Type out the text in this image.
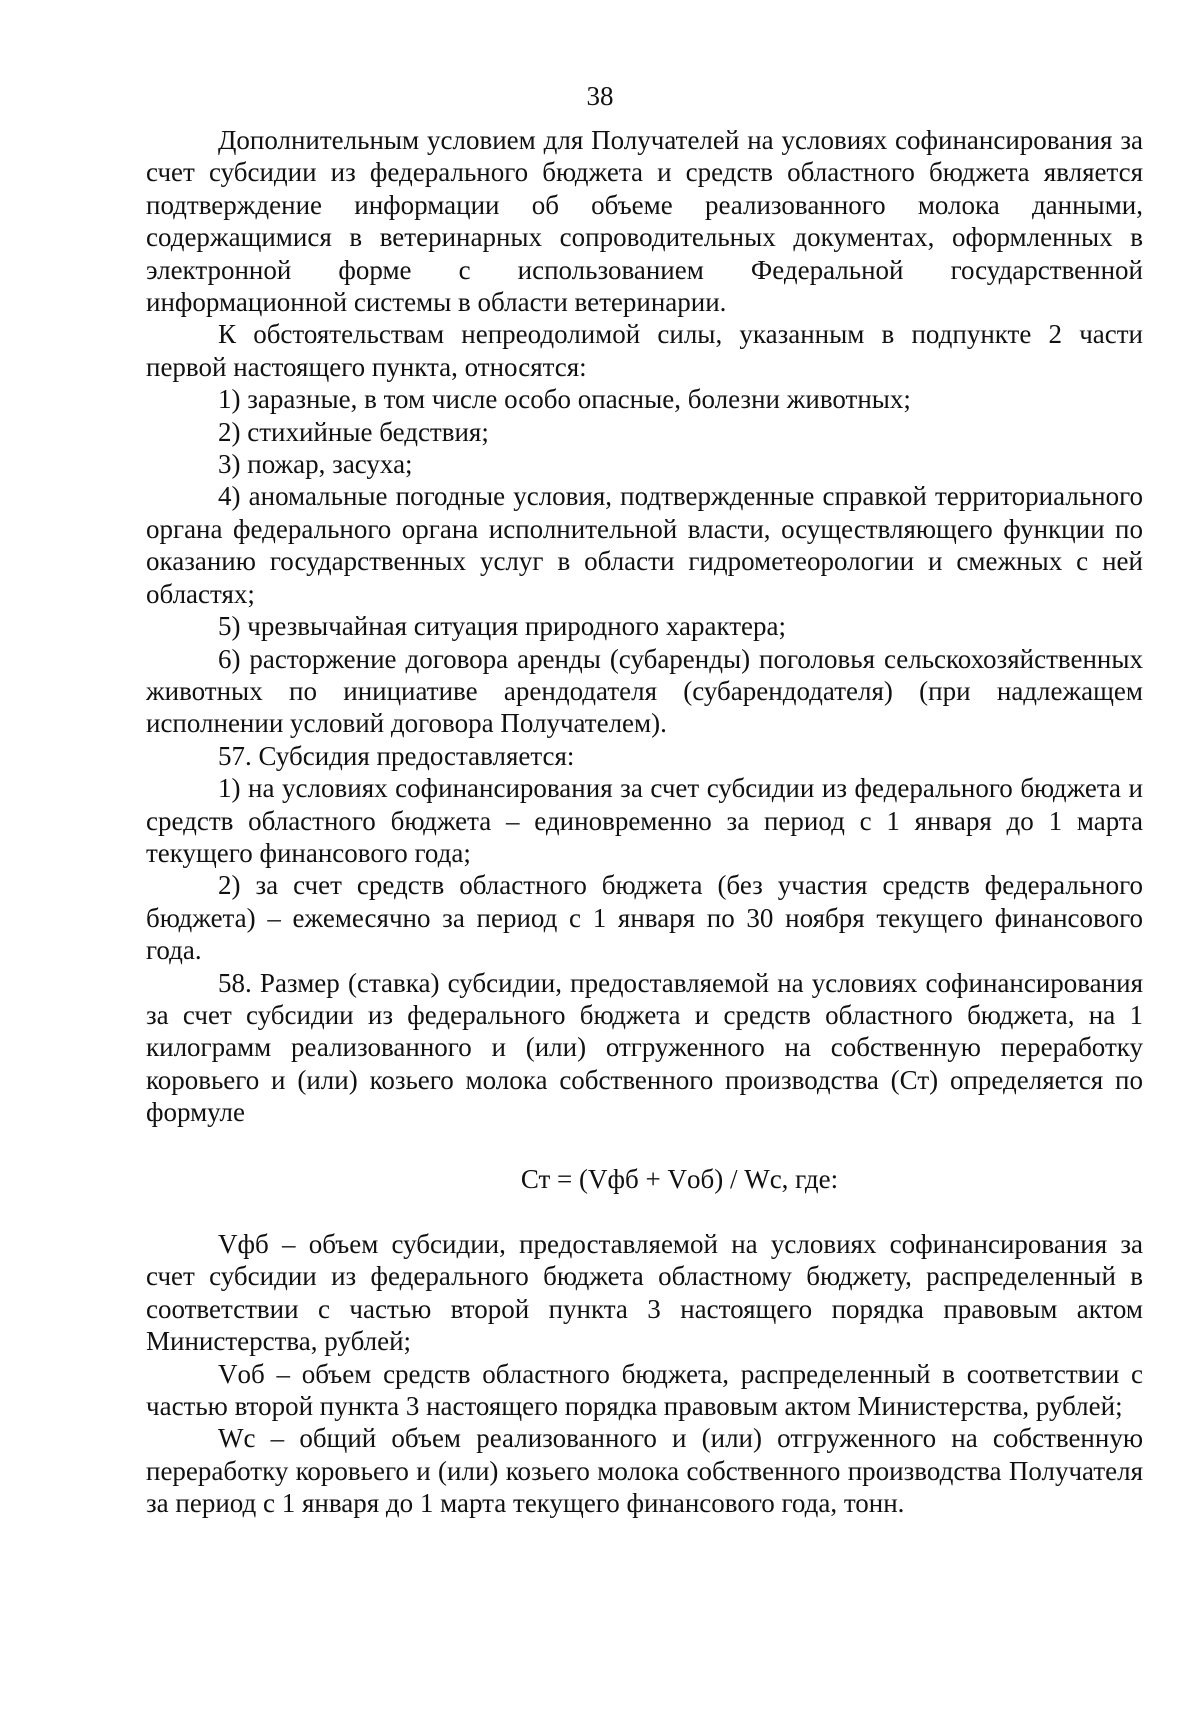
38

Дополнительным условием для Получателей на условиях софинансирования за счет субсидии из федерального бюджета и средств областного бюджета является подтверждение информации об объеме реализованного молока данными, содержащимися в ветеринарных сопроводительных документах, оформленных в электронной форме с использованием Федеральной государственной информационной системы в области ветеринарии.

К обстоятельствам непреодолимой силы, указанным в подпункте 2 части первой настоящего пункта, относятся:

1) заразные, в том числе особо опасные, болезни животных;

2) стихийные бедствия;

3) пожар, засуха;

4) аномальные погодные условия, подтвержденные справкой территориального органа федерального органа исполнительной власти, осуществляющего функции по оказанию государственных услуг в области гидрометеорологии и смежных с ней областях;

5) чрезвычайная ситуация природного характера;

6) расторжение договора аренды (субаренды) поголовья сельскохозяйственных животных по инициативе арендодателя (субарендодателя) (при надлежащем исполнении условий договора Получателем).

57. Субсидия предоставляется:

1) на условиях софинансирования за счет субсидии из федерального бюджета и средств областного бюджета – единовременно за период с 1 января до 1 марта текущего финансового года;

2) за счет средств областного бюджета (без участия средств федерального бюджета) – ежемесячно за период с 1 января по 30 ноября текущего финансового года.

58. Размер (ставка) субсидии, предоставляемой на условиях софинансирования за счет субсидии из федерального бюджета и средств областного бюджета, на 1 килограмм реализованного и (или) отгруженного на собственную переработку коровьего и (или) козьего молока собственного производства (Ст) определяется по формуле

Ст = (Vфб + Vоб) / Wс, где:

Vфб – объем субсидии, предоставляемой на условиях софинансирования за счет субсидии из федерального бюджета областному бюджету, распределенный в соответствии с частью второй пункта 3 настоящего порядка правовым актом Министерства, рублей;

Vоб – объем средств областного бюджета, распределенный в соответствии с частью второй пункта 3 настоящего порядка правовым актом Министерства, рублей;

Wс – общий объем реализованного и (или) отгруженного на собственную переработку коровьего и (или) козьего молока собственного производства Получателя за период с 1 января до 1 марта текущего финансового года, тонн.
